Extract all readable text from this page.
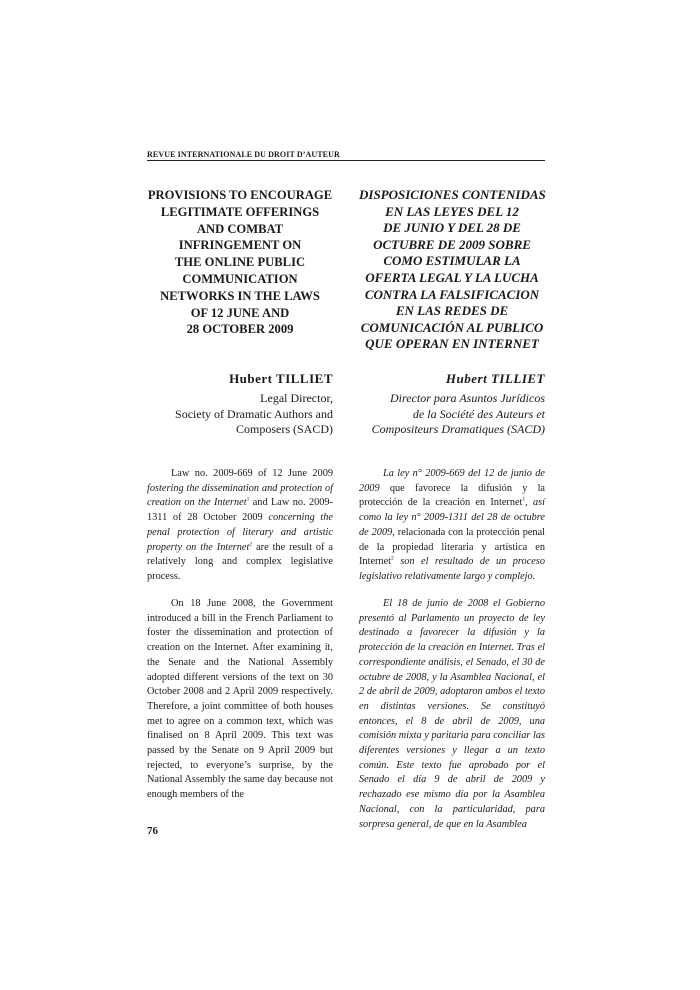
REVUE INTERNATIONALE DU DROIT D’AUTEUR
PROVISIONS TO ENCOURAGE
LEGITIMATE OFFERINGS
AND COMBAT
INFRINGEMENT ON
THE ONLINE PUBLIC
COMMUNICATION
NETWORKS IN THE LAWS
OF 12 JUNE AND
28 OCTOBER 2009
DISPOSICIONES CONTENIDAS
EN LAS LEYES DEL 12
DE JUNIO Y DEL 28 DE
OCTUBRE DE 2009 SOBRE
COMO ESTIMULAR LA
OFERTA LEGAL Y LA LUCHA
CONTRA LA FALSIFICACION
EN LAS REDES DE
COMUNICACIÓN AL PUBLICO
QUE OPERAN EN INTERNET
Hubert TILLIET	Hubert TILLIET
Legal Director,
Society of Dramatic Authors and
Composers (SACD)
Director para Asuntos Jurídicos
de la Société des Auteurs et
Compositeurs Dramatiques (SACD)

Law no. 2009-669 of 12 June 2009 fostering the dissemination and protection of creation on the Internet$^1$ and Law no. 2009-1311 of 28 October 2009 concerning the penal protection of literary and artistic property on the Internet$^2$ are the result of a relatively long and complex legislative process.

La ley n° 2009-669 del 12 de junio de 2009 que favorece la difusión y la protección de la creación en Internet$^1$, así como la ley n° 2009-1311 del 28 de octubre de 2009, relacionada con la protección penal de la propiedad literaria y artística en Internet$^2$ son el resultado de un proceso legislativo relativamente largo y complejo.

On 18 June 2008, the Government introduced a bill in the French Parliament to foster the dissemination and protection of creation on the Internet. After examining it, the Senate and the National Assembly adopted different versions of the text on 30 October 2008 and 2 April 2009 respectively. Therefore, a joint committee of both houses met to agree on a common text, which was finalised on 8 April 2009. This text was passed by the Senate on 9 April 2009 but rejected, to everyone’s surprise, by the National Assembly the same day because not enough members of the

El 18 de junio de 2008 el Gobierno presentó al Parlamento un proyecto de ley destinado a favorecer la difusión y la protección de la creación en Internet. Tras el correspondiente análisis, el Senado, el 30 de octubre de 2008, y la Asamblea Nacional, el 2 de abril de 2009, adoptaron ambos el texto en distintas versiones. Se constituyó entonces, el 8 de abril de 2009, una comisión mixta y paritaria para conciliar las diferentes versiones y llegar a un texto común. Este texto fue aprobado por el Senado el día 9 de abril de 2009 y rechazado ese mismo día por la Asamblea Nacional, con la particularidad, para sorpresa general, de que en la Asamblea

76
